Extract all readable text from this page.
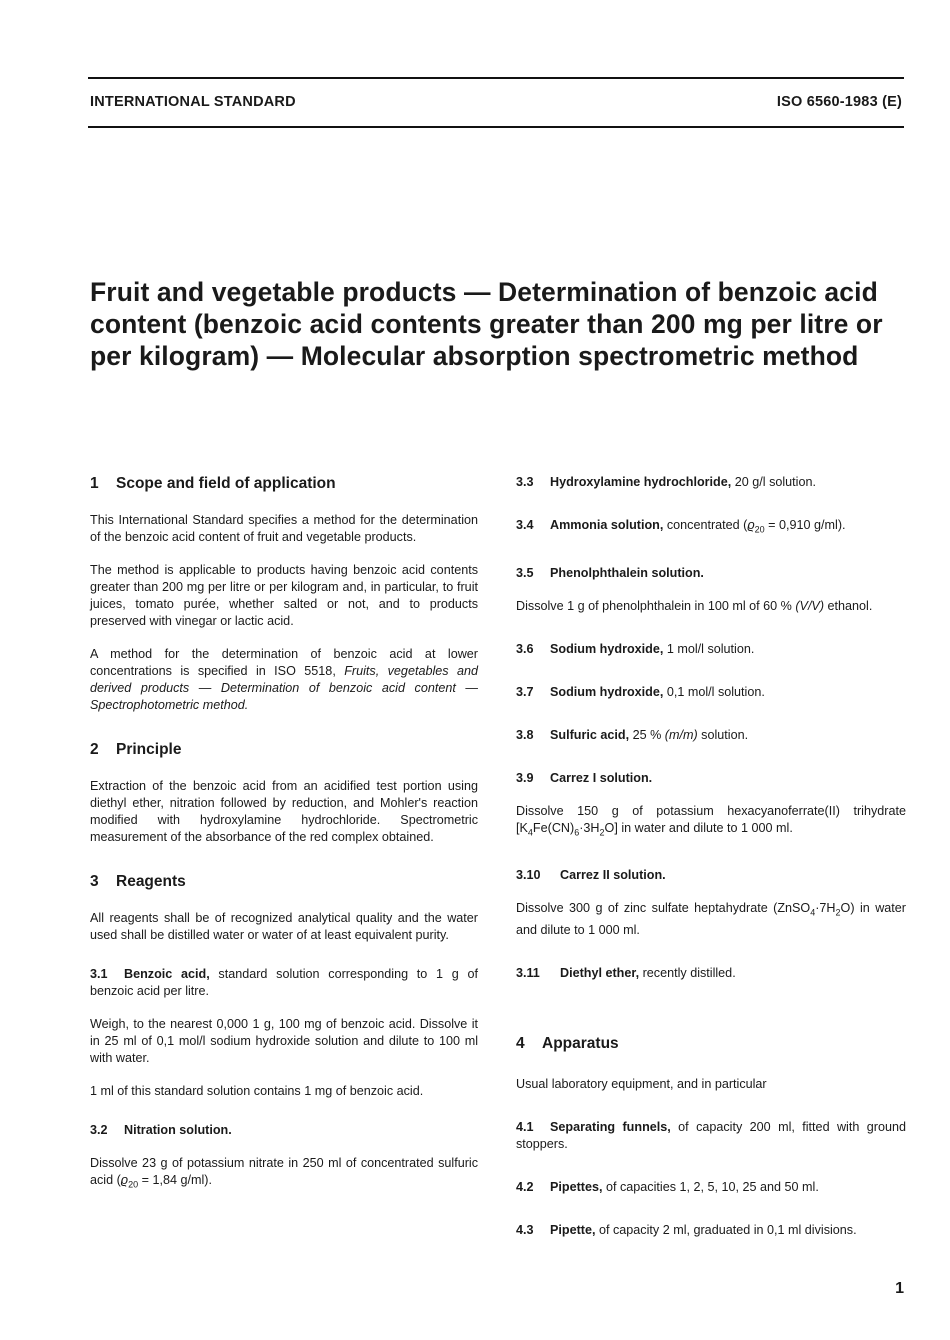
INTERNATIONAL STANDARD	ISO 6560-1983 (E)
Fruit and vegetable products — Determination of benzoic acid content (benzoic acid contents greater than 200 mg per litre or per kilogram) — Molecular absorption spectrometric method
1 Scope and field of application

This International Standard specifies a method for the determination of the benzoic acid content of fruit and vegetable products.

The method is applicable to products having benzoic acid contents greater than 200 mg per litre or per kilogram and, in particular, to fruit juices, tomato purée, whether salted or not, and to products preserved with vinegar or lactic acid.

A method for the determination of benzoic acid at lower concentrations is specified in ISO 5518, Fruits, vegetables and derived products — Determination of benzoic acid content — Spectrophotometric method.

2 Principle

Extraction of the benzoic acid from an acidified test portion using diethyl ether, nitration followed by reduction, and Mohler's reaction modified with hydroxylamine hydrochloride. Spectrometric measurement of the absorbance of the red complex obtained.

3 Reagents

All reagents shall be of recognized analytical quality and the water used shall be distilled water or water of at least equivalent purity.

3.1 Benzoic acid, standard solution corresponding to 1 g of benzoic acid per litre.

Weigh, to the nearest 0,000 1 g, 100 mg of benzoic acid. Dissolve it in 25 ml of 0,1 mol/l sodium hydroxide solution and dilute to 100 ml with water.

1 ml of this standard solution contains 1 mg of benzoic acid.

3.2 Nitration solution.

Dissolve 23 g of potassium nitrate in 250 ml of concentrated sulfuric acid ($ϱ_{20} = 1,84$ g/ml).

3.3 Hydroxylamine hydrochloride, 20 g/l solution.

3.4 Ammonia solution, concentrated ($ϱ_{20} = 0,910$ g/ml).

3.5 Phenolphthalein solution.

Dissolve 1 g of phenolphthalein in 100 ml of 60 % (V/V) ethanol.

3.6 Sodium hydroxide, 1 mol/l solution.

3.7 Sodium hydroxide, 0,1 mol/l solution.

3.8 Sulfuric acid, 25 % (m/m) solution.

3.9 Carrez I solution.

Dissolve 150 g of potassium hexacyanoferrate(II) trihydrate $[K_4Fe(CN)_6\cdot 3H_2O]$ in water and dilute to 1 000 ml.

3.10 Carrez II solution.

Dissolve 300 g of zinc sulfate heptahydrate $(ZnSO_4\cdot 7H_2O)$ in water and dilute to 1 000 ml.

3.11 Diethyl ether, recently distilled.

4 Apparatus

Usual laboratory equipment, and in particular

4.1 Separating funnels, of capacity 200 ml, fitted with ground stoppers.

4.2 Pipettes, of capacities 1, 2, 5, 10, 25 and 50 ml.

4.3 Pipette, of capacity 2 ml, graduated in 0,1 ml divisions.

1
